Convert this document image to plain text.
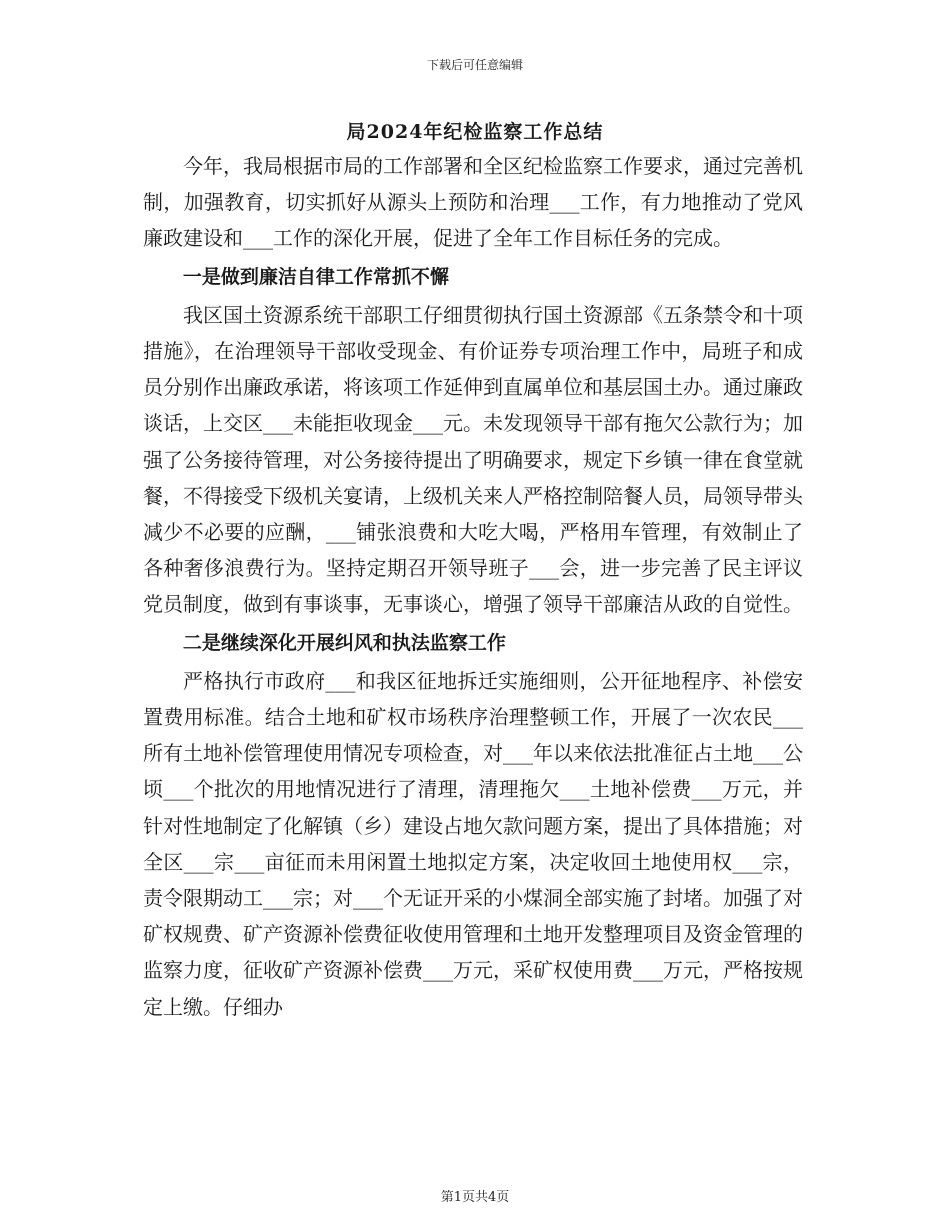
下载后可任意编辑
局2024年纪检监察工作总结

今年，我局根据市局的工作部署和全区纪检监察工作要求，通过完善机制，加强教育，切实抓好从源头上预防和治理___工作，有力地推动了党风廉政建设和___工作的深化开展，促进了全年工作目标任务的完成。

一是做到廉洁自律工作常抓不懈

我区国土资源系统干部职工仔细贯彻执行国土资源部《五条禁令和十项措施》，在治理领导干部收受现金、有价证券专项治理工作中，局班子和成员分别作出廉政承诺，将该项工作延伸到直属单位和基层国土办。通过廉政谈话，上交区___未能拒收现金___元。未发现领导干部有拖欠公款行为；加强了公务接待管理，对公务接待提出了明确要求，规定下乡镇一律在食堂就餐，不得接受下级机关宴请，上级机关来人严格控制陪餐人员，局领导带头减少不必要的应酬，___铺张浪费和大吃大喝，严格用车管理，有效制止了各种奢侈浪费行为。坚持定期召开领导班子___会，进一步完善了民主评议党员制度，做到有事谈事，无事谈心，增强了领导干部廉洁从政的自觉性。

二是继续深化开展纠风和执法监察工作

严格执行市政府___和我区征地拆迁实施细则，公开征地程序、补偿安置费用标准。结合土地和矿权市场秩序治理整顿工作，开展了一次农民___所有土地补偿管理使用情况专项检查，对___年以来依法批准征占土地___公顷___个批次的用地情况进行了清理，清理拖欠___土地补偿费___万元，并针对性地制定了化解镇（乡）建设占地欠款问题方案，提出了具体措施；对全区___宗___亩征而未用闲置土地拟定方案，决定收回土地使用权___宗，责令限期动工___宗；对___个无证开采的小煤洞全部实施了封堵。加强了对矿权规费、矿产资源补偿费征收使用管理和土地开发整理项目及资金管理的监察力度，征收矿产资源补偿费___万元，采矿权使用费___万元，严格按规定上缴。仔细办

第1页共4页
